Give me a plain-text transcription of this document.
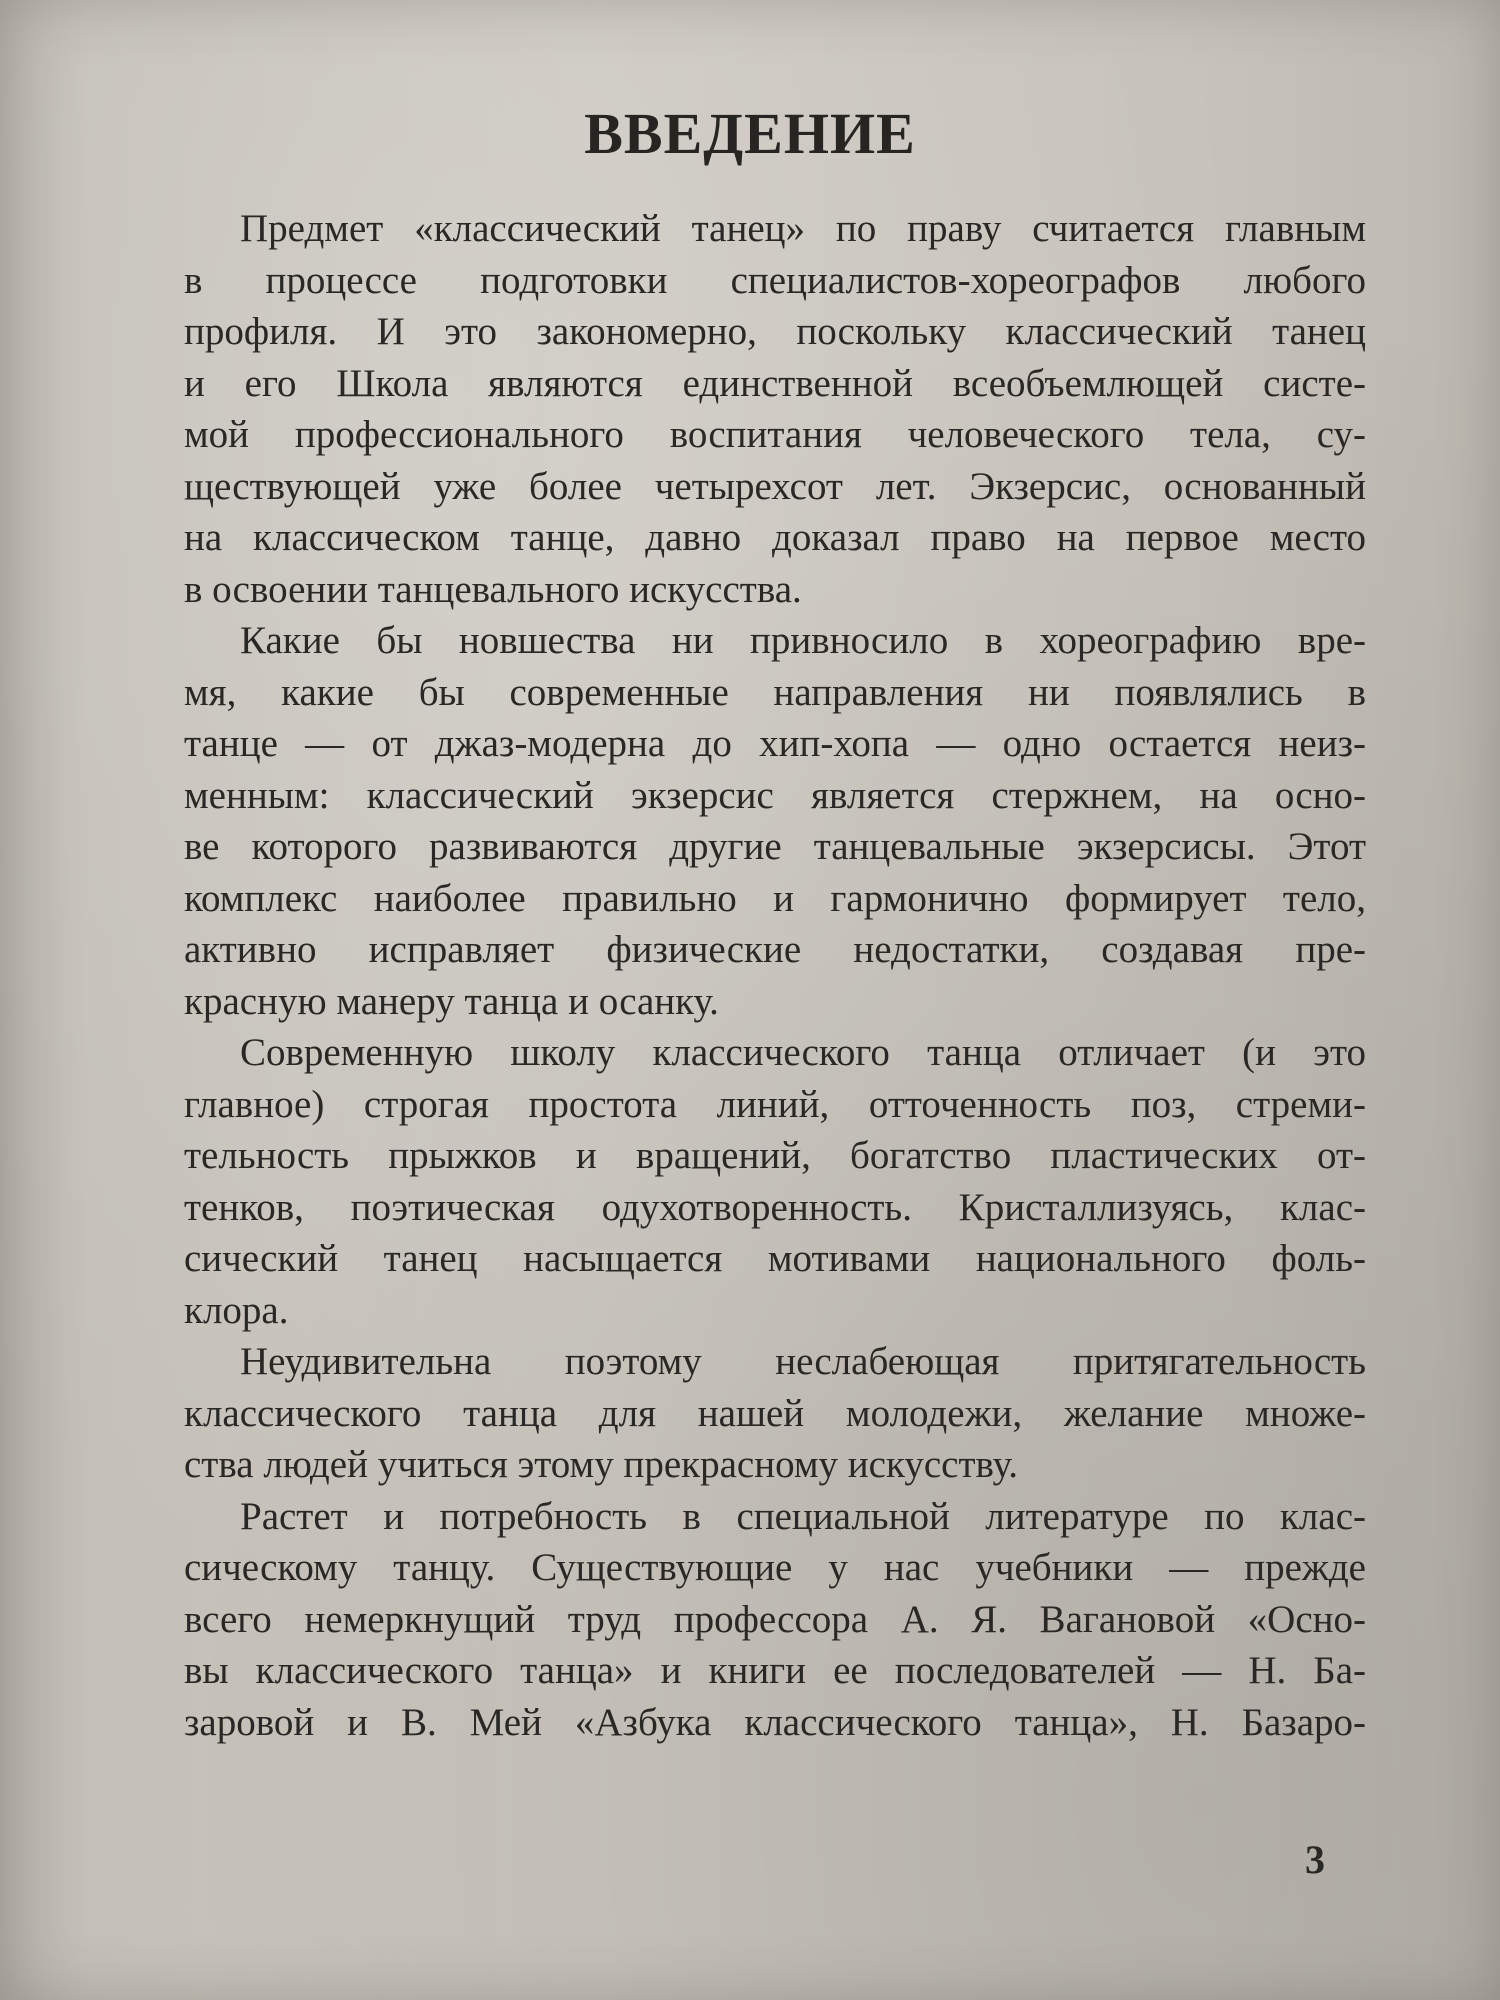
ВВЕДЕНИЕ
Предмет «классический танец» по праву считается главным
в процессе подготовки специалистов-хореографов любого
профиля. И это закономерно, поскольку классический танец
и его Школа являются единственной всеобъемлющей систе-
мой профессионального воспитания человеческого тела, су-
ществующей уже более четырехсот лет. Экзерсис, основанный
на классическом танце, давно доказал право на первое место
в освоении танцевального искусства.
Какие бы новшества ни привносило в хореографию вре-
мя, какие бы современные направления ни появлялись в
танце — от джаз-модерна до хип-хопа — одно остается неиз-
менным: классический экзерсис является стержнем, на осно-
ве которого развиваются другие танцевальные экзерсисы. Этот
комплекс наиболее правильно и гармонично формирует тело,
активно исправляет физические недостатки, создавая пре-
красную манеру танца и осанку.
Современную школу классического танца отличает (и это
главное) строгая простота линий, отточенность поз, стреми-
тельность прыжков и вращений, богатство пластических от-
тенков, поэтическая одухотворенность. Кристаллизуясь, клас-
сический танец насыщается мотивами национального фоль-
клора.
Неудивительна поэтому неслабеющая притягательность
классического танца для нашей молодежи, желание множе-
ства людей учиться этому прекрасному искусству.
Растет и потребность в специальной литературе по клас-
сическому танцу. Существующие у нас учебники — прежде
всего немеркнущий труд профессора А. Я. Вагановой «Осно-
вы классического танца» и книги ее последователей — Н. Ба-
заровой и В. Мей «Азбука классического танца», Н. Базаро-
3
